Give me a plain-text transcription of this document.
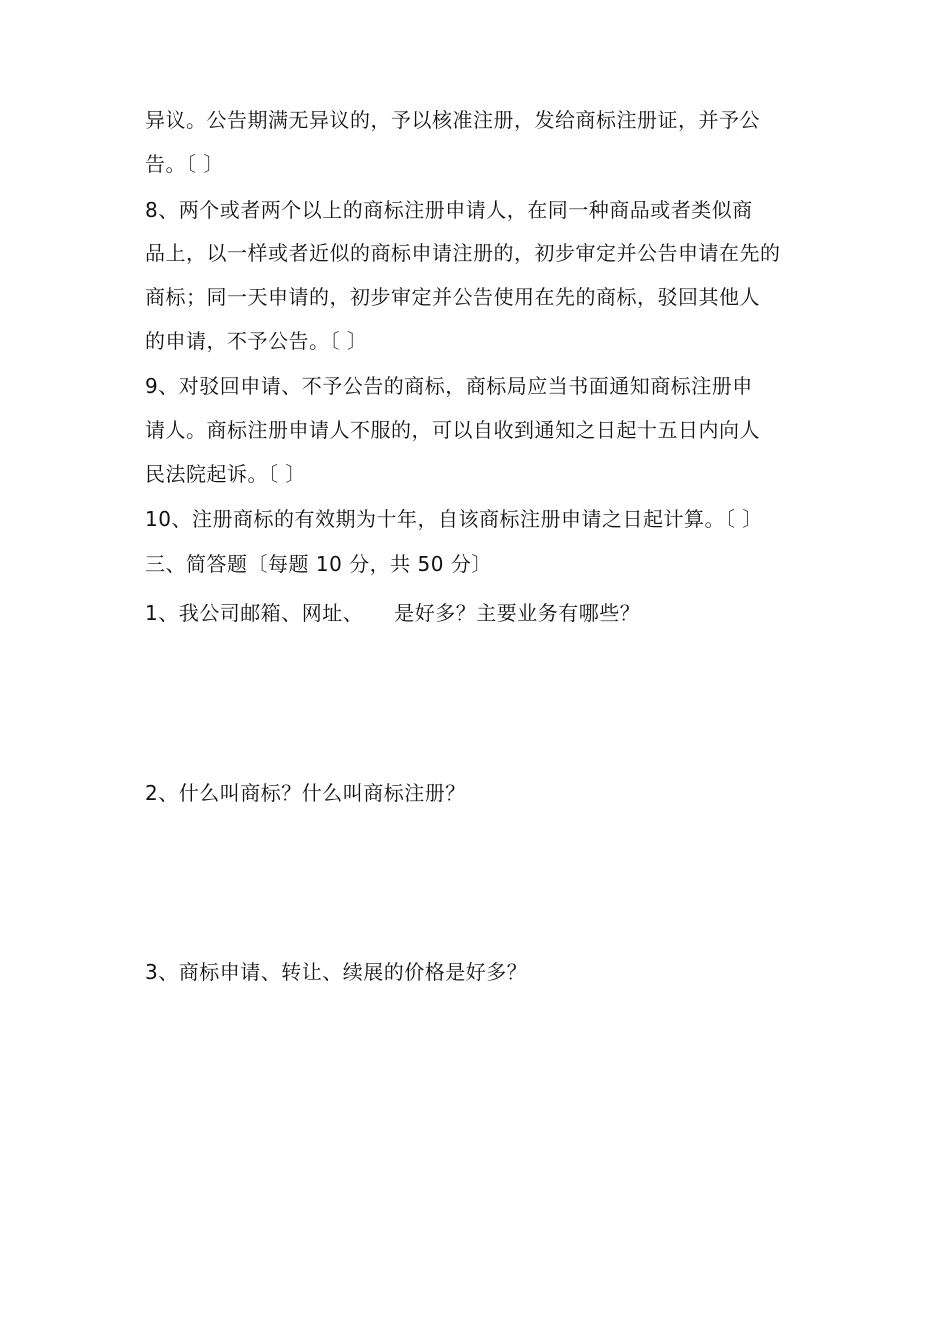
异议。公告期满无异议的，予以核准注册，发给商标注册证，并予公
告。〔 〕
8、两个或者两个以上的商标注册申请人，在同一种商品或者类似商
品上，以一样或者近似的商标申请注册的，初步审定并公告申请在先的
商标；同一天申请的，初步审定并公告使用在先的商标，驳回其他人
的申请，不予公告。〔 〕
9、对驳回申请、不予公告的商标，商标局应当书面通知商标注册申
请人。商标注册申请人不服的，可以自收到通知之日起十五日内向人
民法院起诉。〔 〕
10、注册商标的有效期为十年，自该商标注册申请之日起计算。〔 〕
三、简答题〔每题 10 分，共 50 分〕
1、我公司邮箱、网址、　　是好多？主要业务有哪些？
2、什么叫商标？什么叫商标注册？
3、商标申请、转让、续展的价格是好多？
